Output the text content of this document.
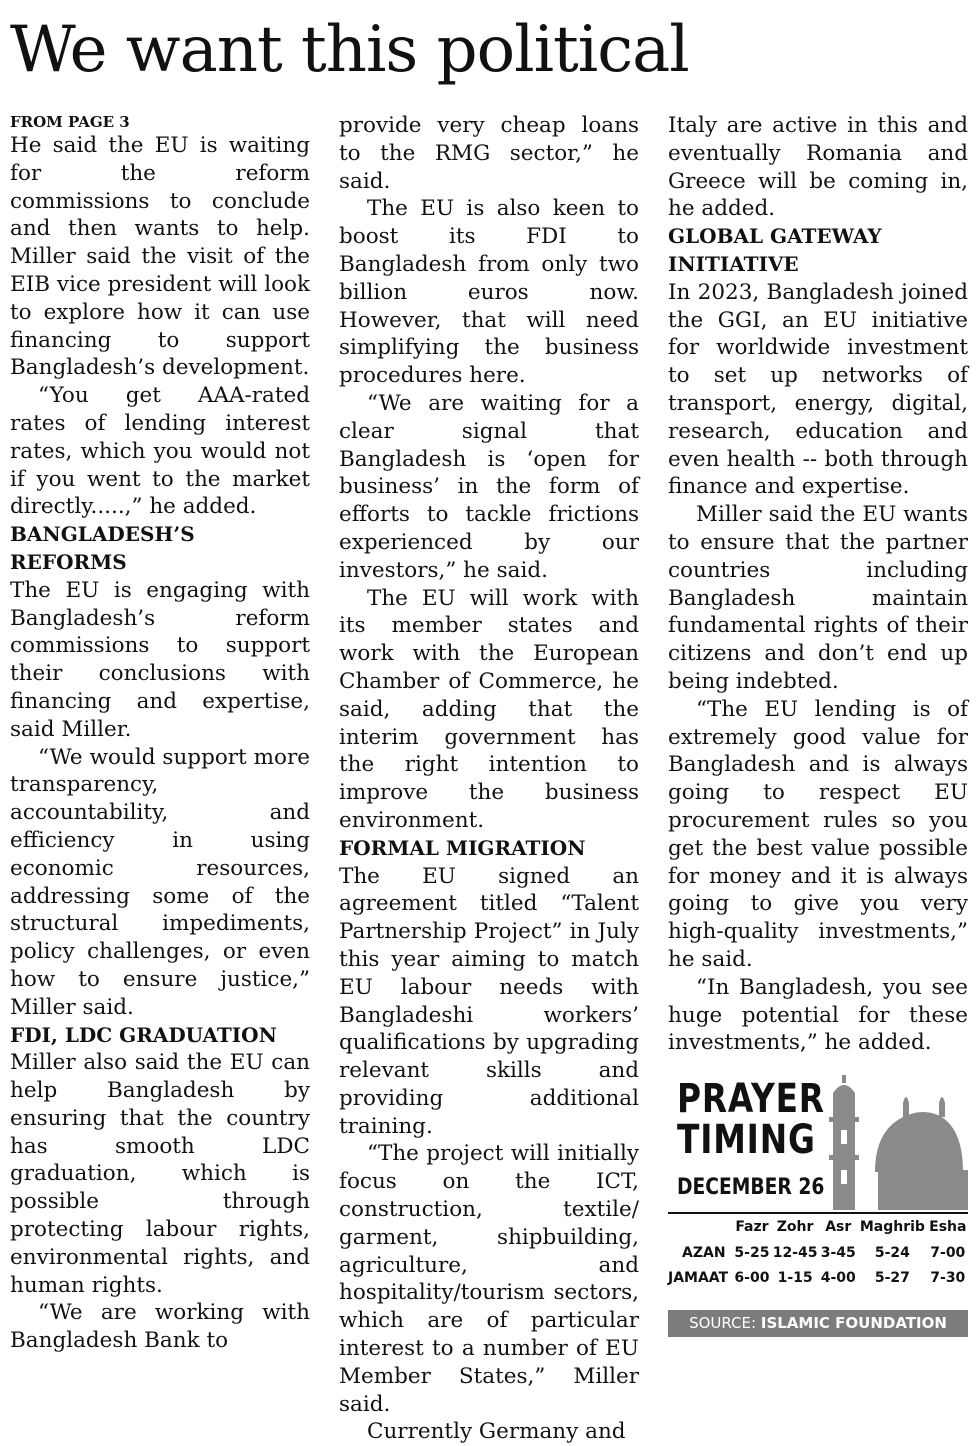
We want this political

FROM PAGE 3

He said the EU is waiting for the reform commissions to conclude and then wants to help. Miller said the visit of the EIB vice president will look to explore how it can use financing to support Bangladesh’s development.

“You get AAA-rated rates of lending interest rates, which you would not if you went to the market directly.....,” he added.

BANGLADESH’S REFORMS

The EU is engaging with Bangladesh’s reform commissions to support their conclusions with financing and expertise, said Miller.

“We would support more transparency, accountability, and efficiency in using economic resources, addressing some of the structural impediments, policy challenges, or even how to ensure justice,” Miller said.

FDI, LDC GRADUATION

Miller also said the EU can help Bangladesh by ensuring that the country has smooth LDC graduation, which is possible through protecting labour rights, environmental rights, and human rights.

“We are working with Bangladesh Bank to

provide very cheap loans to the RMG sector,” he said.

The EU is also keen to boost its FDI to Bangladesh from only two billion euros now. However, that will need simplifying the business procedures here.

“We are waiting for a clear signal that Bangladesh is ‘open for business’ in the form of efforts to tackle frictions experienced by our investors,” he said.

The EU will work with its member states and work with the European Chamber of Commerce, he said, adding that the interim government has the right intention to improve the business environment.

FORMAL MIGRATION

The EU signed an agreement titled “Talent Partnership Project” in July this year aiming to match EU labour needs with Bangladeshi workers’ qualifications by upgrading relevant skills and providing additional training.

“The project will initially focus on the ICT, construction, textile/ garment, shipbuilding, agriculture, and hospitality/tourism sectors, which are of particular interest to a number of EU Member States,” Miller said.

Currently Germany and

Italy are active in this and eventually Romania and Greece will be coming in, he added.

GLOBAL GATEWAY INITIATIVE

In 2023, Bangladesh joined the GGI, an EU initiative for worldwide investment to set up networks of transport, energy, digital, research, education and even health -- both through finance and expertise.

Miller said the EU wants to ensure that the partner countries including Bangladesh maintain fundamental rights of their citizens and don’t end up being indebted.

“The EU lending is of extremely good value for Bangladesh and is always going to respect EU procurement rules so you get the best value possible for money and it is always going to give you very high-quality investments,” he said.

“In Bangladesh, you see huge potential for these investments,” he added.

PRAYER
TIMING
DECEMBER 26
	Fazr	Zohr	Asr	Maghrib	Esha
AZAN	5-25	12-45	3-45	5-24	7-00
JAMAAT	6-00	1-15	4-00	5-27	7-30
SOURCE: ISLAMIC FOUNDATION
